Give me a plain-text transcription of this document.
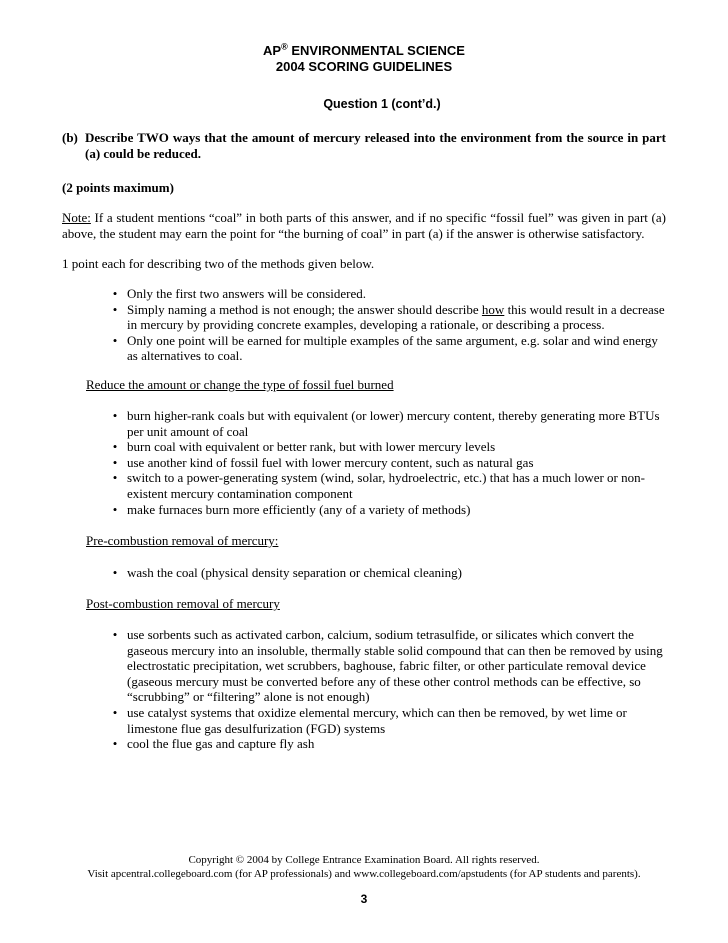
AP® ENVIRONMENTAL SCIENCE
2004 SCORING GUIDELINES
Question 1 (cont’d.)
(b) Describe TWO ways that the amount of mercury released into the environment from the source in part (a) could be reduced.
(2 points maximum)
Note: If a student mentions “coal” in both parts of this answer, and if no specific “fossil fuel” was given in part (a) above, the student may earn the point for “the burning of coal” in part (a) if the answer is otherwise satisfactory.
1 point each for describing two of the methods given below.
• Only the first two answers will be considered.
• Simply naming a method is not enough; the answer should describe how this would result in a decrease in mercury by providing concrete examples, developing a rationale, or describing a process.
• Only one point will be earned for multiple examples of the same argument, e.g. solar and wind energy as alternatives to coal.
Reduce the amount or change the type of fossil fuel burned
• burn higher-rank coals but with equivalent (or lower) mercury content, thereby generating more BTUs per unit amount of coal
• burn coal with equivalent or better rank, but with lower mercury levels
• use another kind of fossil fuel with lower mercury content, such as natural gas
• switch to a power-generating system (wind, solar, hydroelectric, etc.) that has a much lower or non-existent mercury contamination component
• make furnaces burn more efficiently (any of a variety of methods)
Pre-combustion removal of mercury:
• wash the coal (physical density separation or chemical cleaning)
Post-combustion removal of mercury
• use sorbents such as activated carbon, calcium, sodium tetrasulfide, or silicates which convert the gaseous mercury into an insoluble, thermally stable solid compound that can then be removed by using electrostatic precipitation, wet scrubbers, baghouse, fabric filter, or other particulate removal device (gaseous mercury must be converted before any of these other control methods can be effective, so “scrubbing” or “filtering” alone is not enough)
• use catalyst systems that oxidize elemental mercury, which can then be removed, by wet lime or limestone flue gas desulfurization (FGD) systems
• cool the flue gas and capture fly ash
Copyright © 2004 by College Entrance Examination Board. All rights reserved.
Visit apcentral.collegeboard.com (for AP professionals) and www.collegeboard.com/apstudents (for AP students and parents).
3
